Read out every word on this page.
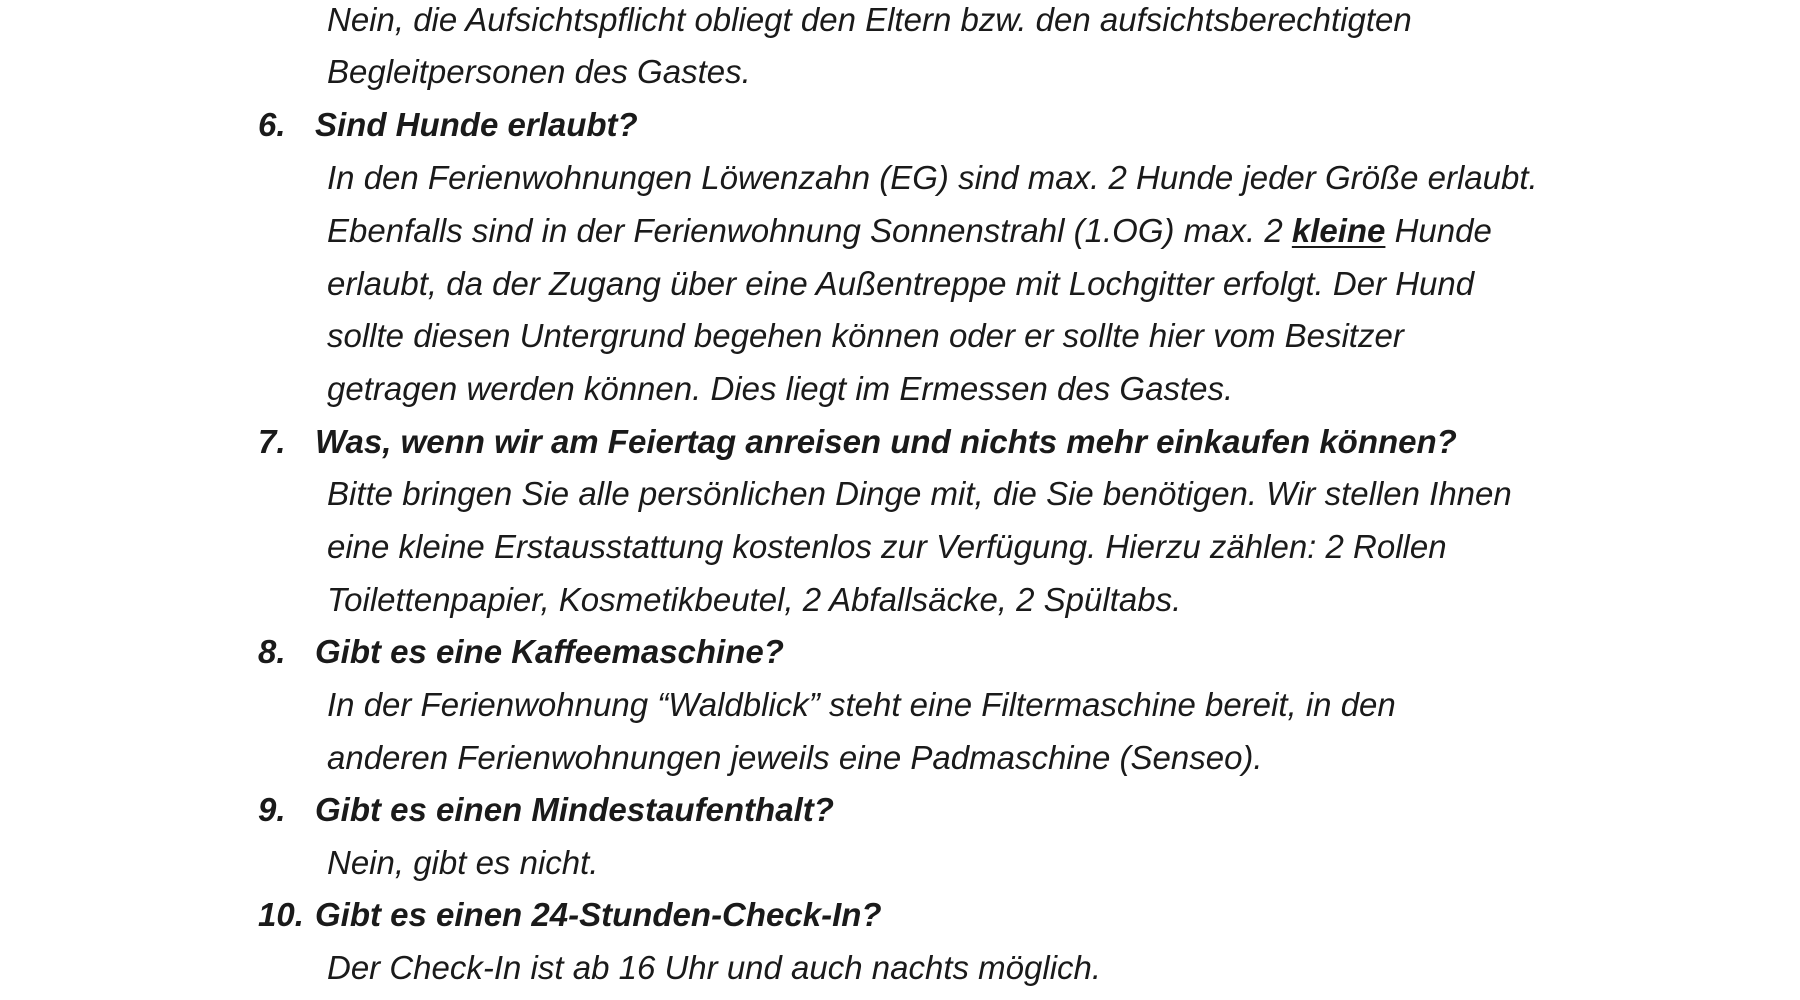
Nein, die Aufsichtspflicht obliegt den Eltern bzw. den aufsichtsberechtigten
Begleitpersonen des Gastes.
6. Sind Hunde erlaubt?
In den Ferienwohnungen Löwenzahn (EG) sind max. 2 Hunde jeder Größe erlaubt.
Ebenfalls sind in der Ferienwohnung Sonnenstrahl (1.OG) max. 2 kleine Hunde
erlaubt, da der Zugang über eine Außentreppe mit Lochgitter erfolgt. Der Hund
sollte diesen Untergrund begehen können oder er sollte hier vom Besitzer
getragen werden können. Dies liegt im Ermessen des Gastes.
7. Was, wenn wir am Feiertag anreisen und nichts mehr einkaufen können?
Bitte bringen Sie alle persönlichen Dinge mit, die Sie benötigen. Wir stellen Ihnen
eine kleine Erstausstattung kostenlos zur Verfügung. Hierzu zählen: 2 Rollen
Toilettenpapier, Kosmetikbeutel, 2 Abfallsäcke, 2 Spültabs.
8. Gibt es eine Kaffeemaschine?
In der Ferienwohnung “Waldblick” steht eine Filtermaschine bereit, in den
anderen Ferienwohnungen jeweils eine Padmaschine (Senseo).
9. Gibt es einen Mindestaufenthalt?
Nein, gibt es nicht.
10. Gibt es einen 24-Stunden-Check-In?
Der Check-In ist ab 16 Uhr und auch nachts möglich.
